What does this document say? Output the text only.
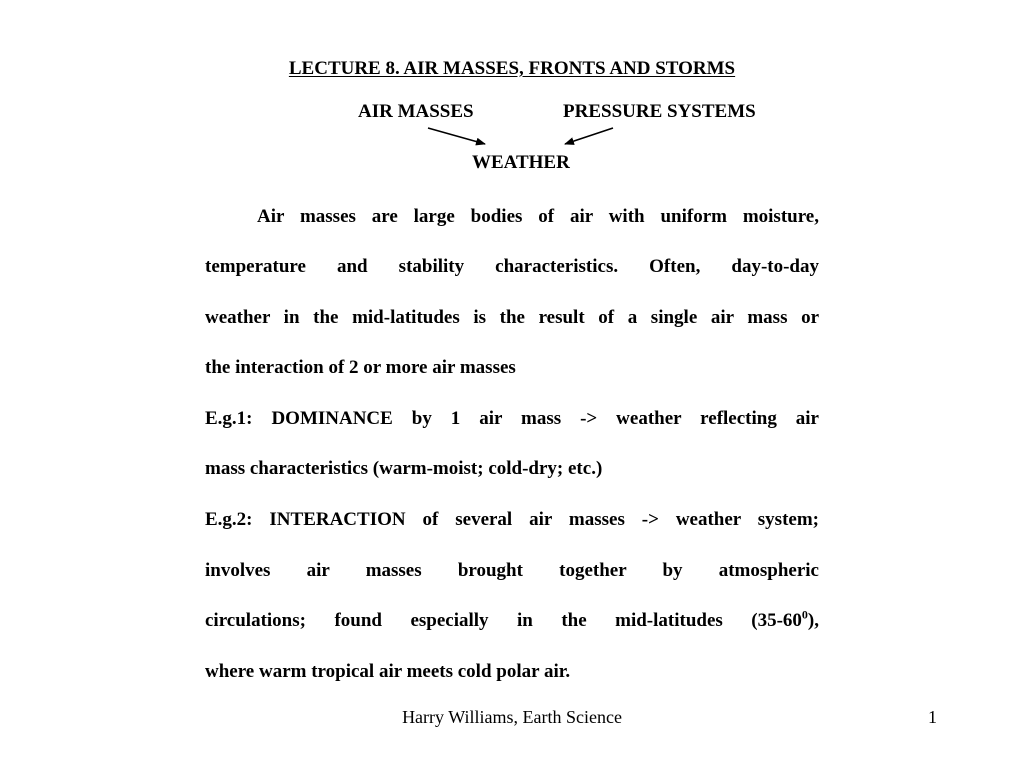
LECTURE 8. AIR MASSES, FRONTS AND STORMS
AIR MASSES	PRESSURE SYSTEMS
WEATHER
Air masses are large bodies of air with uniform moisture,
temperature and stability characteristics. Often, day-to-day
weather in the mid-latitudes is the result of a single air mass or
the interaction of 2 or more air masses
E.g.1: DOMINANCE by 1 air mass -> weather reflecting air
mass characteristics (warm-moist; cold-dry; etc.)
E.g.2: INTERACTION of several air masses -> weather system;
involves air masses brought together by atmospheric
circulations; found especially in the mid-latitudes $(35-60^0)$,
where warm tropical air meets cold polar air.
Harry Williams, Earth Science	1
